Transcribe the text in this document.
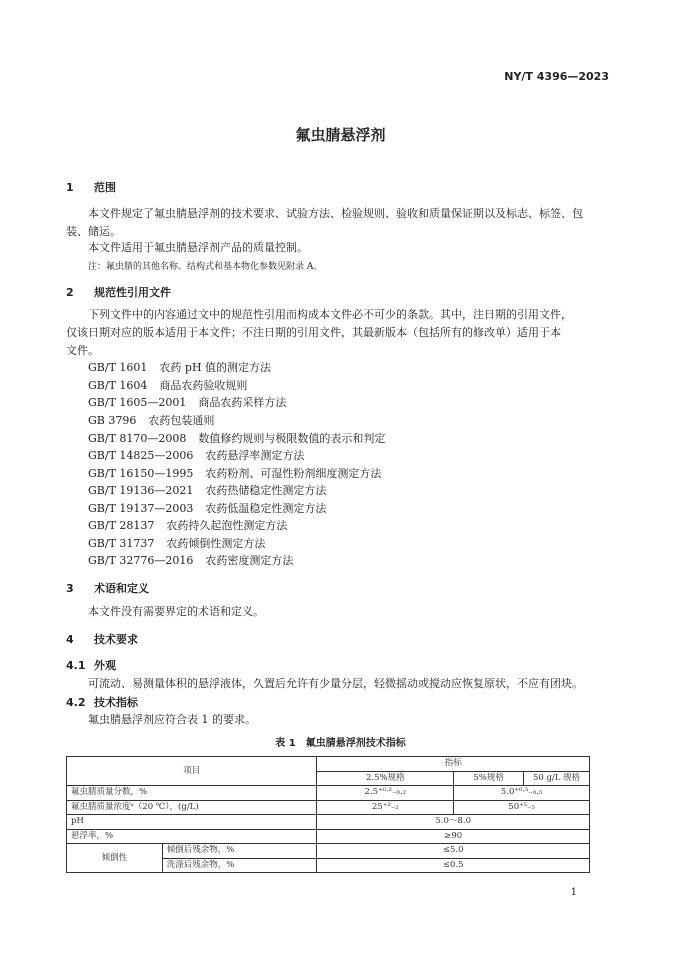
NY/T 4396—2023
氟虫腈悬浮剂
1 范围
本文件规定了氟虫腈悬浮剂的技术要求、试验方法、检验规则、验收和质量保证期以及标志、标签、包
装、储运。
本文件适用于氟虫腈悬浮剂产品的质量控制。
注：氟虫腈的其他名称、结构式和基本物化参数见附录 A。
2 规范性引用文件
下列文件中的内容通过文中的规范性引用而构成本文件必不可少的条款。其中，注日期的引用文件，
仅该日期对应的版本适用于本文件；不注日期的引用文件，其最新版本（包括所有的修改单）适用于本
文件。
GB/T 1601 农药 pH 值的测定方法
GB/T 1604 商品农药验收规则
GB/T 1605—2001 商品农药采样方法
GB 3796 农药包装通则
GB/T 8170—2008 数值修约规则与极限数值的表示和判定
GB/T 14825—2006 农药悬浮率测定方法
GB/T 16150—1995 农药粉剂、可湿性粉剂细度测定方法
GB/T 19136—2021 农药热储稳定性测定方法
GB/T 19137—2003 农药低温稳定性测定方法
GB/T 28137 农药持久起泡性测定方法
GB/T 31737 农药倾倒性测定方法
GB/T 32776—2016 农药密度测定方法
3 术语和定义
本文件没有需要界定的术语和定义。
4 技术要求
4.1 外观
可流动、易测量体积的悬浮液体，久置后允许有少量分层，轻微摇动或搅动应恢复原状，不应有团块。
4.2 技术指标
氟虫腈悬浮剂应符合表 1 的要求。
表 1　氟虫腈悬浮剂技术指标
项目		指标		
		2.5%规格	5%规格	50 g/L 规格
氟虫腈质量分数，%		2.5⁺⁰·²₋₀.₂	5.0⁺⁰·⁵₋₀.₅	
氟虫腈质量浓度ᵃ（20 ℃），(g/L)		25⁺²₋₂	50⁺⁵₋₅	
pH		5.0～8.0		
悬浮率，%		≥90		
倾倒性	倾倒后残余物，%	≤5.0		
	洗涤后残余物，%	≤0.5		
1
